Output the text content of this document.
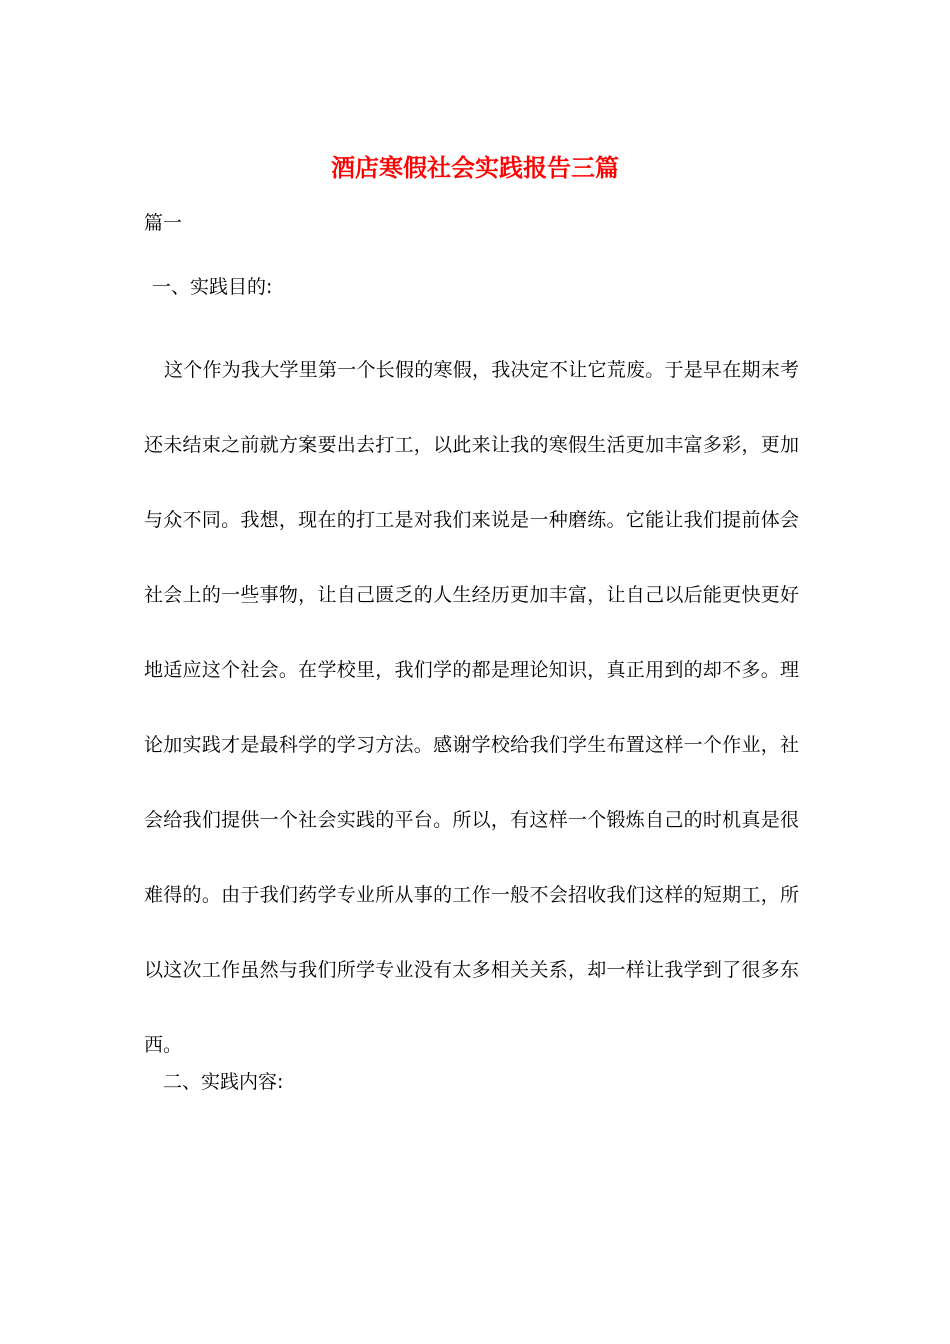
酒店寒假社会实践报告三篇

篇一

一、实践目的:

这个作为我大学里第一个长假的寒假，我决定不让它荒废。于是早在期末考还未结束之前就方案要出去打工，以此来让我的寒假生活更加丰富多彩，更加与众不同。我想，现在的打工是对我们来说是一种磨练。它能让我们提前体会社会上的一些事物，让自己匮乏的人生经历更加丰富，让自己以后能更快更好地适应这个社会。在学校里，我们学的都是理论知识，真正用到的却不多。理论加实践才是最科学的学习方法。感谢学校给我们学生布置这样一个作业，社会给我们提供一个社会实践的平台。所以，有这样一个锻炼自己的时机真是很难得的。由于我们药学专业所从事的工作一般不会招收我们这样的短期工，所以这次工作虽然与我们所学专业没有太多相关关系，却一样让我学到了很多东西。

二、实践内容:
